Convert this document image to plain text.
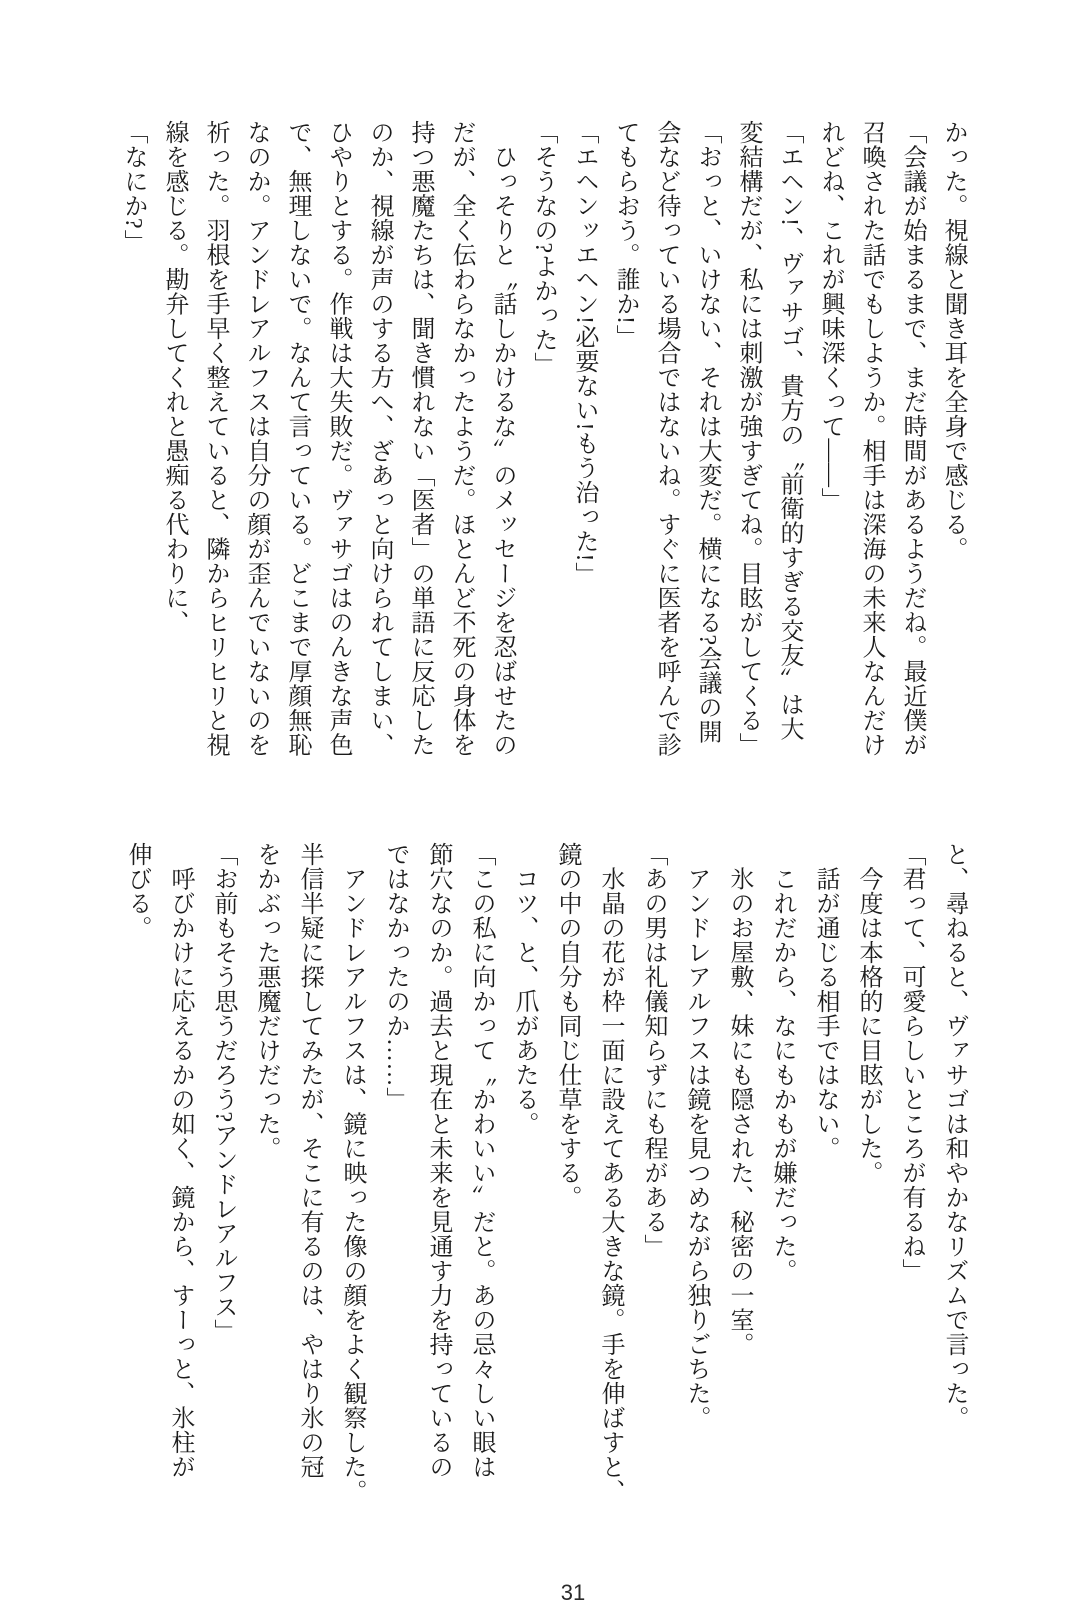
かった。視線と聞き耳を全身で感じる。

「会議が始まるまで、まだ時間があるようだね。最近僕が

召喚された話でもしようか。相手は深海の未来人なんだけ

れどね、これが興味深くって――」

「エヘン!、ヴァサゴ、貴方の〝前衛的すぎる交友〟は大

変結構だが、私には刺激が強すぎてね。目眩がしてくる」

「おっと、いけない、それは大変だ。横になる?会議の開

会など待っている場合ではないね。すぐに医者を呼んで診

てもらおう。誰か!」

「エヘンッエヘン!必要ない!もう治った!」

「そうなの?よかった」

　ひっそりと〝話しかけるな〟のメッセージを忍ばせたの

だが、全く伝わらなかったようだ。ほとんど不死の身体を

持つ悪魔たちは、聞き慣れない「医者」の単語に反応した

のか、視線が声のする方へ、ざあっと向けられてしまい、

ひやりとする。作戦は大失敗だ。ヴァサゴはのんきな声色

で、無理しないで。なんて言っている。どこまで厚顔無恥

なのか。アンドレアルフスは自分の顔が歪んでいないのを

祈った。羽根を手早く整えていると、隣からヒリヒリと視

線を感じる。勘弁してくれと愚痴る代わりに、

「なにか?」

と、尋ねると、ヴァサゴは和やかなリズムで言った。

「君って、可愛らしいところが有るね」

　今度は本格的に目眩がした。

　話が通じる相手ではない。

　これだから、なにもかもが嫌だった。

　氷のお屋敷、妹にも隠された、秘密の一室。

　アンドレアルフスは鏡を見つめながら独りごちた。

「あの男は礼儀知らずにも程がある」

　水晶の花が枠一面に設えてある大きな鏡。手を伸ばすと、

鏡の中の自分も同じ仕草をする。

　コツ、と、爪があたる。

「この私に向かって〝かわいい〟だと。あの忌々しい眼は

節穴なのか。過去と現在と未来を見通す力を持っているの

ではなかったのか……」

　アンドレアルフスは、鏡に映った像の顔をよく観察した。

半信半疑に探してみたが、そこに有るのは、やはり氷の冠

をかぶった悪魔だけだった。

「お前もそう思うだろう?アンドレアルフス」

　呼びかけに応えるかの如く、鏡から、すーっと、氷柱が

伸びる。

31
